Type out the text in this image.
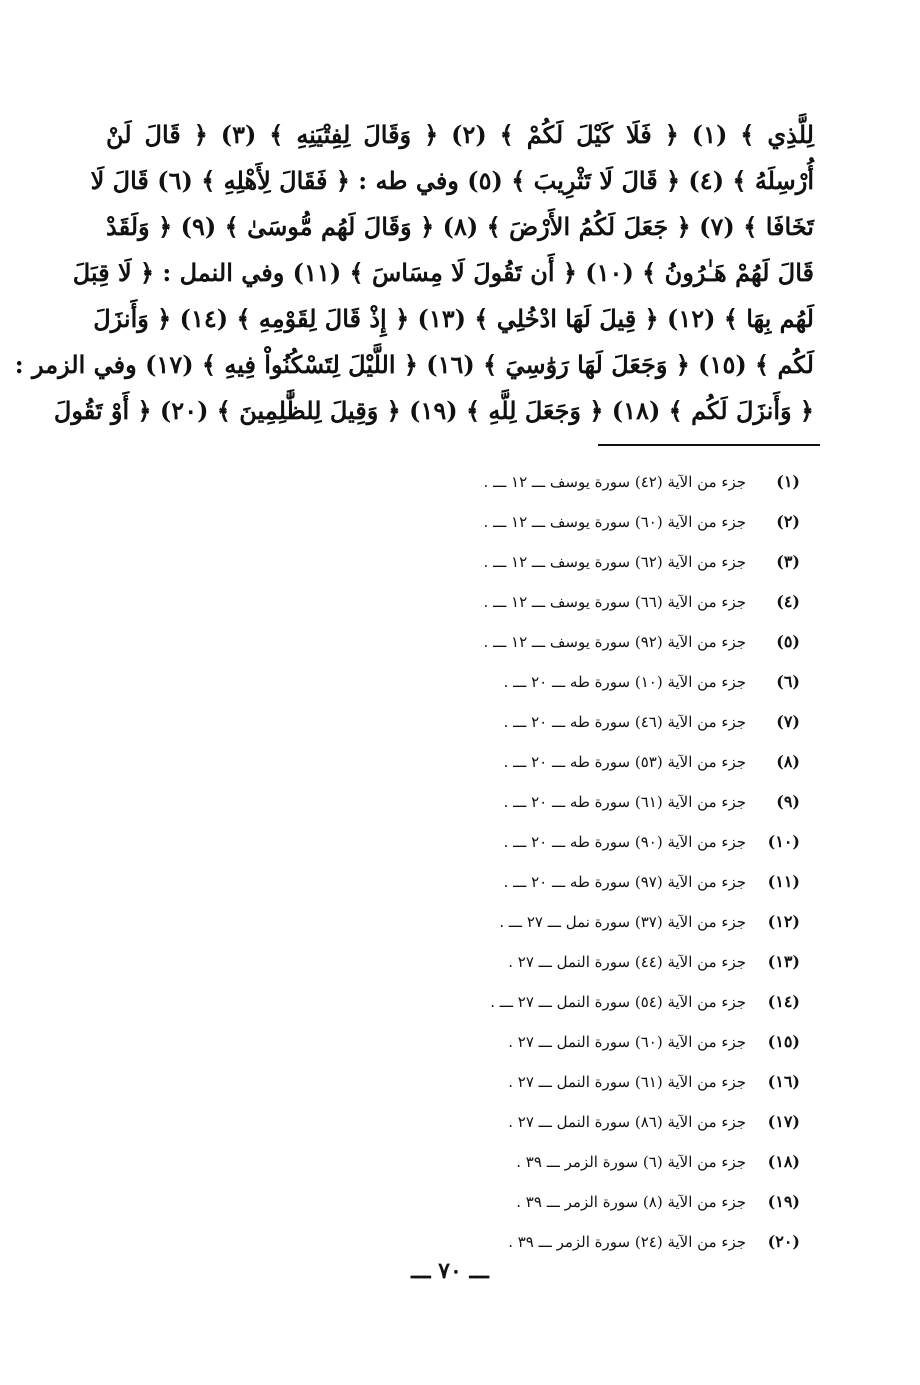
لِلَّذِي ﴾ (١) ﴿ فَلَا كَيْلَ لَكُمْ ﴾ (٢) ﴿ وَقَالَ لِفِتْيَنِهِ ﴾ (٣) ﴿ قَالَ لَنْ
أُرْسِلَهُ ﴾ (٤) ﴿ قَالَ لَا تَثْرِيبَ ﴾ (٥) وفي طه : ﴿ فَقَالَ لِأَهْلِهِ ﴾ (٦) قَالَ لَا
تَخَافَا ﴾ (٧) ﴿ جَعَلَ لَكُمُ الأَرْضَ ﴾ (٨) ﴿ وَقَالَ لَهُم مُّوسَىٰ ﴾ (٩) ﴿ وَلَقَدْ
قَالَ لَهُمْ هَـٰرُونُ ﴾ (١٠) ﴿ أَن تَقُولَ لَا مِسَاسَ ﴾ (١١) وفي النمل : ﴿ لَا قِبَلَ
لَهُم بِهَا ﴾ (١٢) ﴿ قِيلَ لَهَا ادْخُلِي ﴾ (١٣) ﴿ إِذْ قَالَ لِقَوْمِهِ ﴾ (١٤) ﴿ وَأَنزَلَ
لَكُم ﴾ (١٥) ﴿ وَجَعَلَ لَهَا رَوَٰسِيَ ﴾ (١٦) ﴿ اللَّيْلَ لِتَسْكُنُواْ فِيهِ ﴾ (١٧) وفي الزمر :
﴿ وَأَنزَلَ لَكُم ﴾ (١٨) ﴿ وَجَعَلَ لِلَّهِ ﴾ (١٩) ﴿ وَقِيلَ لِلظَّٰلِمِينَ ﴾ (٢٠) ﴿ أَوْ تَقُولَ
(١)
جزء من الآية (٤٢) سورة يوسف ـــ ١٢ ـــ .
(٢)
جزء من الآية (٦٠) سورة يوسف ـــ ١٢ ـــ .
(٣)
جزء من الآية (٦٢) سورة يوسف ـــ ١٢ ـــ .
(٤)
جزء من الآية (٦٦) سورة يوسف ـــ ١٢ ـــ .
(٥)
جزء من الآية (٩٢) سورة يوسف ـــ ١٢ ـــ .
(٦)
جزء من الآية (١٠) سورة طه ـــ ٢٠ ـــ .
(٧)
جزء من الآية (٤٦) سورة طه ـــ ٢٠ ـــ .
(٨)
جزء من الآية (٥٣) سورة طه ـــ ٢٠ ـــ .
(٩)
جزء من الآية (٦١) سورة طه ـــ ٢٠ ـــ .
(١٠)
جزء من الآية (٩٠) سورة طه ـــ ٢٠ ـــ .
(١١)
جزء من الآية (٩٧) سورة طه ـــ ٢٠ ـــ .
(١٢)
جزء من الآية (٣٧) سورة نمل ـــ ٢٧ ـــ .
(١٣)
جزء من الآية (٤٤) سورة النمل ـــ ٢٧ .
(١٤)
جزء من الآية (٥٤) سورة النمل ـــ ٢٧ ـــ .
(١٥)
جزء من الآية (٦٠) سورة النمل ـــ ٢٧ .
(١٦)
جزء من الآية (٦١) سورة النمل ـــ ٢٧ .
(١٧)
جزء من الآية (٨٦) سورة النمل ـــ ٢٧ .
(١٨)
جزء من الآية (٦) سورة الزمر ـــ ٣٩ .
(١٩)
جزء من الآية (٨) سورة الزمر ـــ ٣٩ .
(٢٠)
جزء من الآية (٢٤) سورة الزمر ـــ ٣٩ .
ـــ ٧٠ ـــ
